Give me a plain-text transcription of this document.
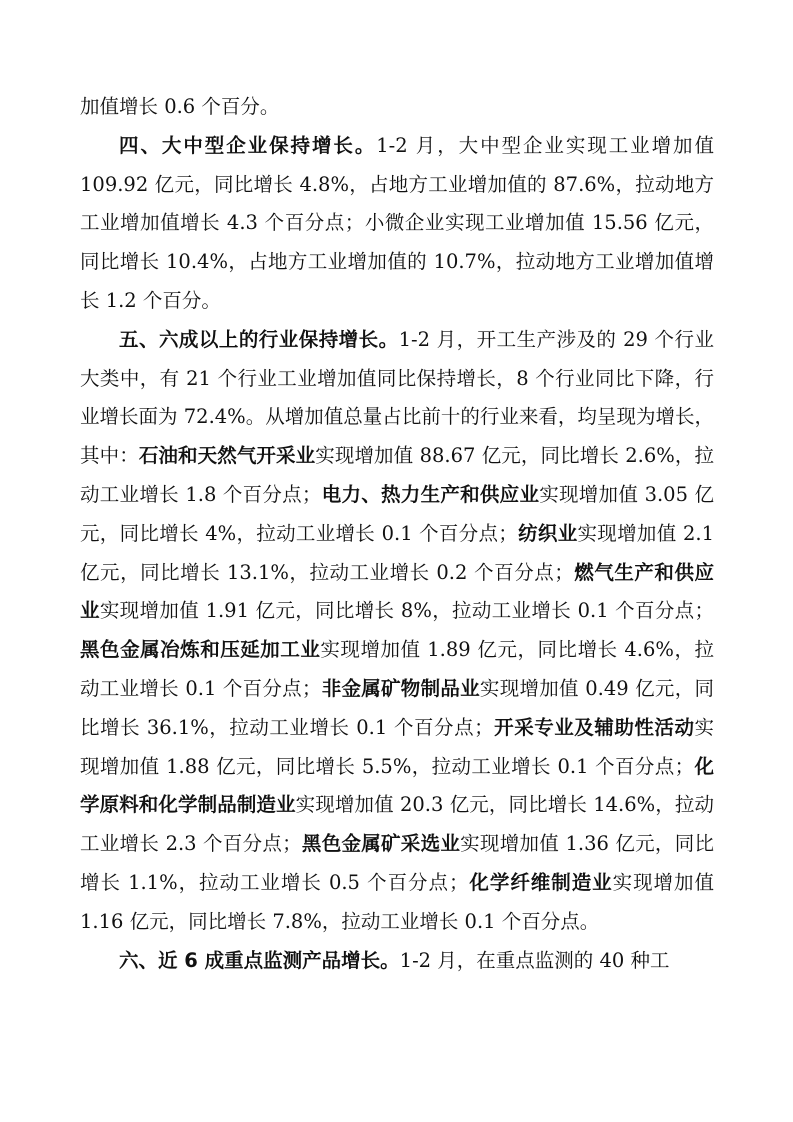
加值增长 0.6 个百分。

四、大中型企业保持增长。1-2 月，大中型企业实现工业增加值 109.92 亿元，同比增长 4.8%，占地方工业增加值的 87.6%，拉动地方工业增加值增长 4.3 个百分点；小微企业实现工业增加值 15.56 亿元，同比增长 10.4%，占地方工业增加值的 10.7%，拉动地方工业增加值增长 1.2 个百分。

五、六成以上的行业保持增长。1-2 月，开工生产涉及的 29 个行业大类中，有 21 个行业工业增加值同比保持增长，8 个行业同比下降，行业增长面为 72.4%。从增加值总量占比前十的行业来看，均呈现为增长，其中：石油和天然气开采业实现增加值 88.67 亿元，同比增长 2.6%，拉动工业增长 1.8 个百分点；电力、热力生产和供应业实现增加值 3.05 亿元，同比增长 4%，拉动工业增长 0.1 个百分点；纺织业实现增加值 2.1 亿元，同比增长 13.1%，拉动工业增长 0.2 个百分点；燃气生产和供应业实现增加值 1.91 亿元，同比增长 8%，拉动工业增长 0.1 个百分点；黑色金属冶炼和压延加工业实现增加值 1.89 亿元，同比增长 4.6%，拉动工业增长 0.1 个百分点；非金属矿物制品业实现增加值 0.49 亿元，同比增长 36.1%，拉动工业增长 0.1 个百分点；开采专业及辅助性活动实现增加值 1.88 亿元，同比增长 5.5%，拉动工业增长 0.1 个百分点；化学原料和化学制品制造业实现增加值 20.3 亿元，同比增长 14.6%，拉动工业增长 2.3 个百分点；黑色金属矿采选业实现增加值 1.36 亿元，同比增长 1.1%，拉动工业增长 0.5 个百分点；化学纤维制造业实现增加值 1.16 亿元，同比增长 7.8%，拉动工业增长 0.1 个百分点。

六、近 6 成重点监测产品增长。1-2 月，在重点监测的 40 种工
